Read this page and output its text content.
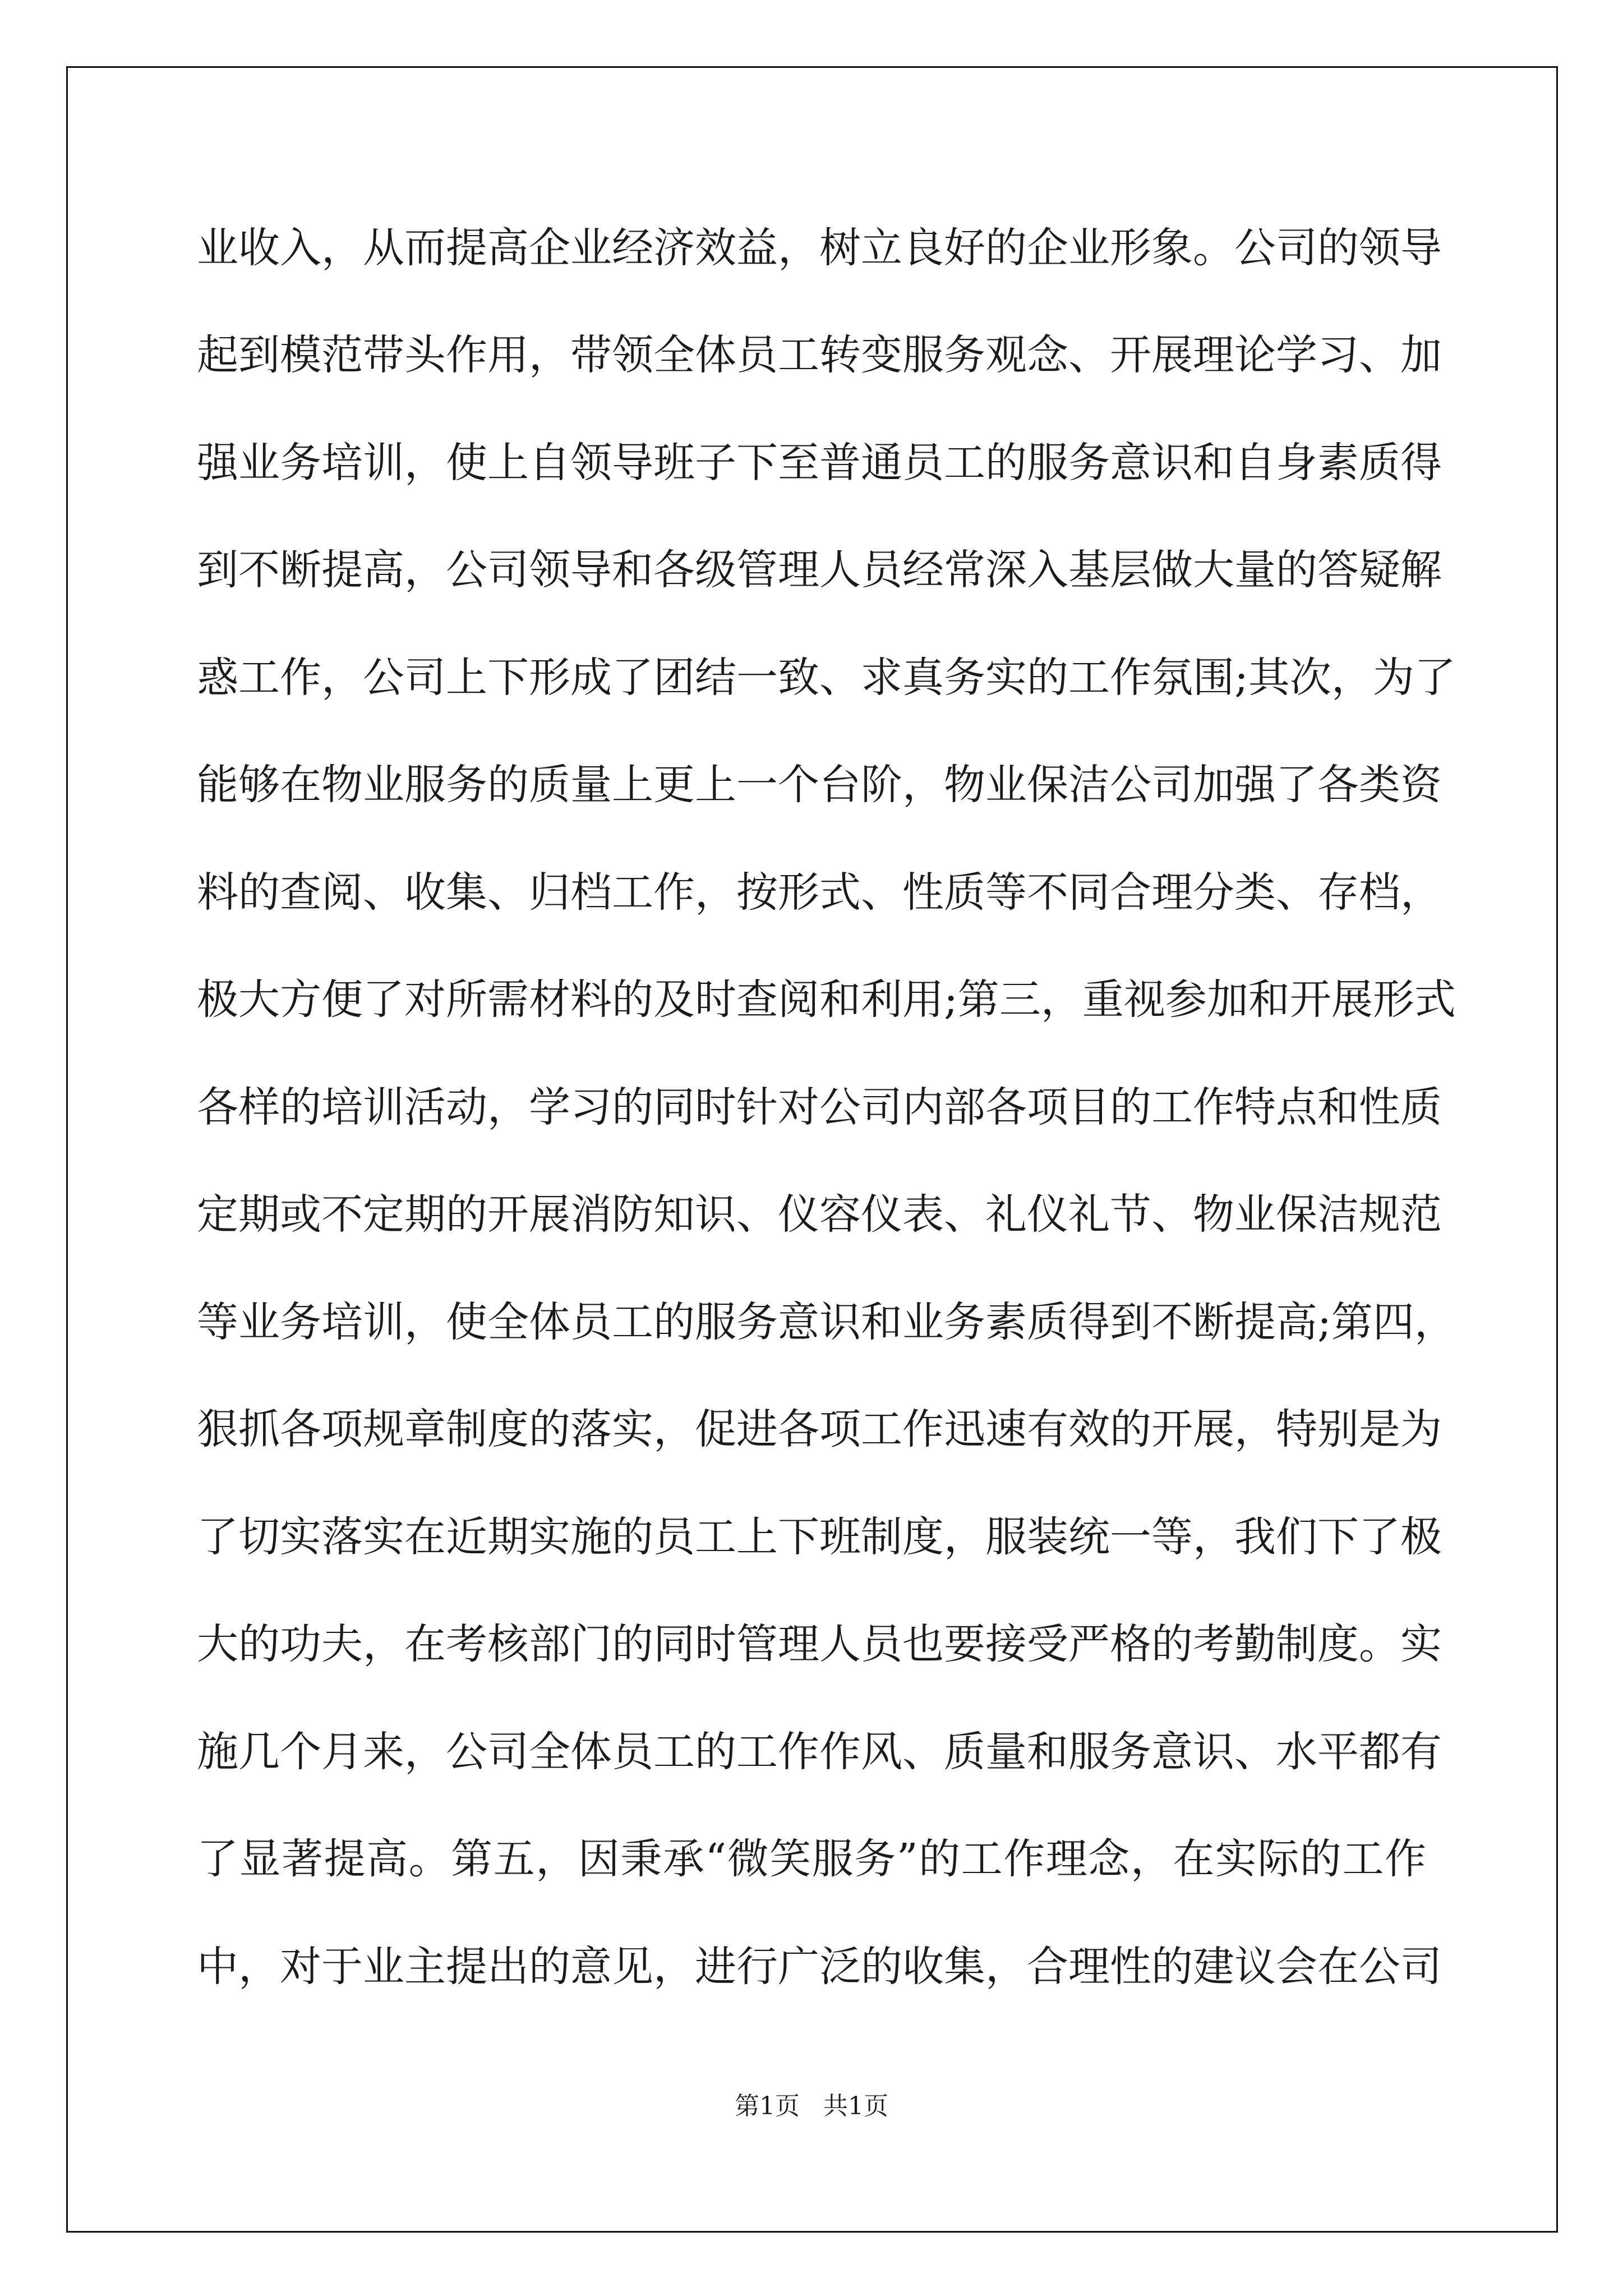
业收入，从而提高企业经济效益，树立良好的企业形象。公司的领导
起到模范带头作用，带领全体员工转变服务观念、开展理论学习、加
强业务培训，使上自领导班子下至普通员工的服务意识和自身素质得
到不断提高，公司领导和各级管理人员经常深入基层做大量的答疑解
惑工作，公司上下形成了团结一致、求真务实的工作氛围;其次，为了
能够在物业服务的质量上更上一个台阶，物业保洁公司加强了各类资
料的查阅、收集、归档工作，按形式、性质等不同合理分类、存档，
极大方便了对所需材料的及时查阅和利用;第三，重视参加和开展形式
各样的培训活动，学习的同时针对公司内部各项目的工作特点和性质
定期或不定期的开展消防知识、仪容仪表、礼仪礼节、物业保洁规范
等业务培训，使全体员工的服务意识和业务素质得到不断提高;第四，
狠抓各项规章制度的落实，促进各项工作迅速有效的开展，特别是为
了切实落实在近期实施的员工上下班制度，服装统一等，我们下了极
大的功夫，在考核部门的同时管理人员也要接受严格的考勤制度。实
施几个月来，公司全体员工的工作作风、质量和服务意识、水平都有
了显著提高。第五，因秉承“微笑服务”的工作理念，在实际的工作
中，对于业主提出的意见，进行广泛的收集，合理性的建议会在公司
第1页   共1页
